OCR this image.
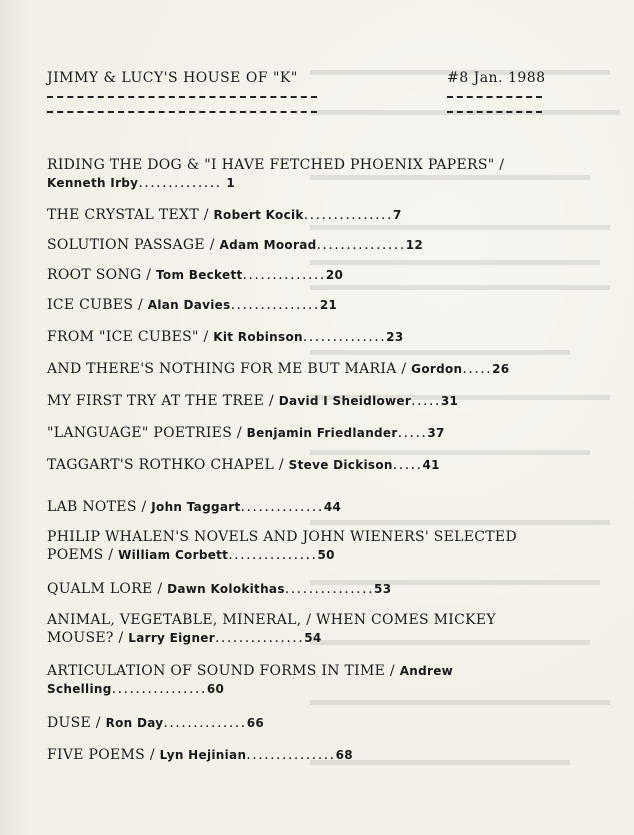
JIMMY & LUCY'S HOUSE OF "K"	#8 Jan. 1988
RIDING THE DOG & "I HAVE FETCHED PHOENIX PAPERS" /
Kenneth Irby.............. 1
THE CRYSTAL TEXT / Robert Kocik...............7
SOLUTION PASSAGE / Adam Moorad...............12
ROOT SONG / Tom Beckett..............20
ICE CUBES / Alan Davies...............21
FROM "ICE CUBES" / Kit Robinson..............23
AND THERE'S NOTHING FOR ME BUT MARIA / Gordon.....26
MY FIRST TRY AT THE TREE / David I Sheidlower.....31
"LANGUAGE" POETRIES / Benjamin Friedlander.....37
TAGGART'S ROTHKO CHAPEL / Steve Dickison.....41
LAB NOTES / John Taggart..............44
PHILIP WHALEN'S NOVELS AND JOHN WIENERS' SELECTED
POEMS / William Corbett...............50
QUALM LORE / Dawn Kolokithas...............53
ANIMAL, VEGETABLE, MINERAL, / WHEN COMES MICKEY
MOUSE? / Larry Eigner...............54
ARTICULATION OF SOUND FORMS IN TIME / Andrew
Schelling................60
DUSE / Ron Day..............66
FIVE POEMS / Lyn Hejinian...............68
